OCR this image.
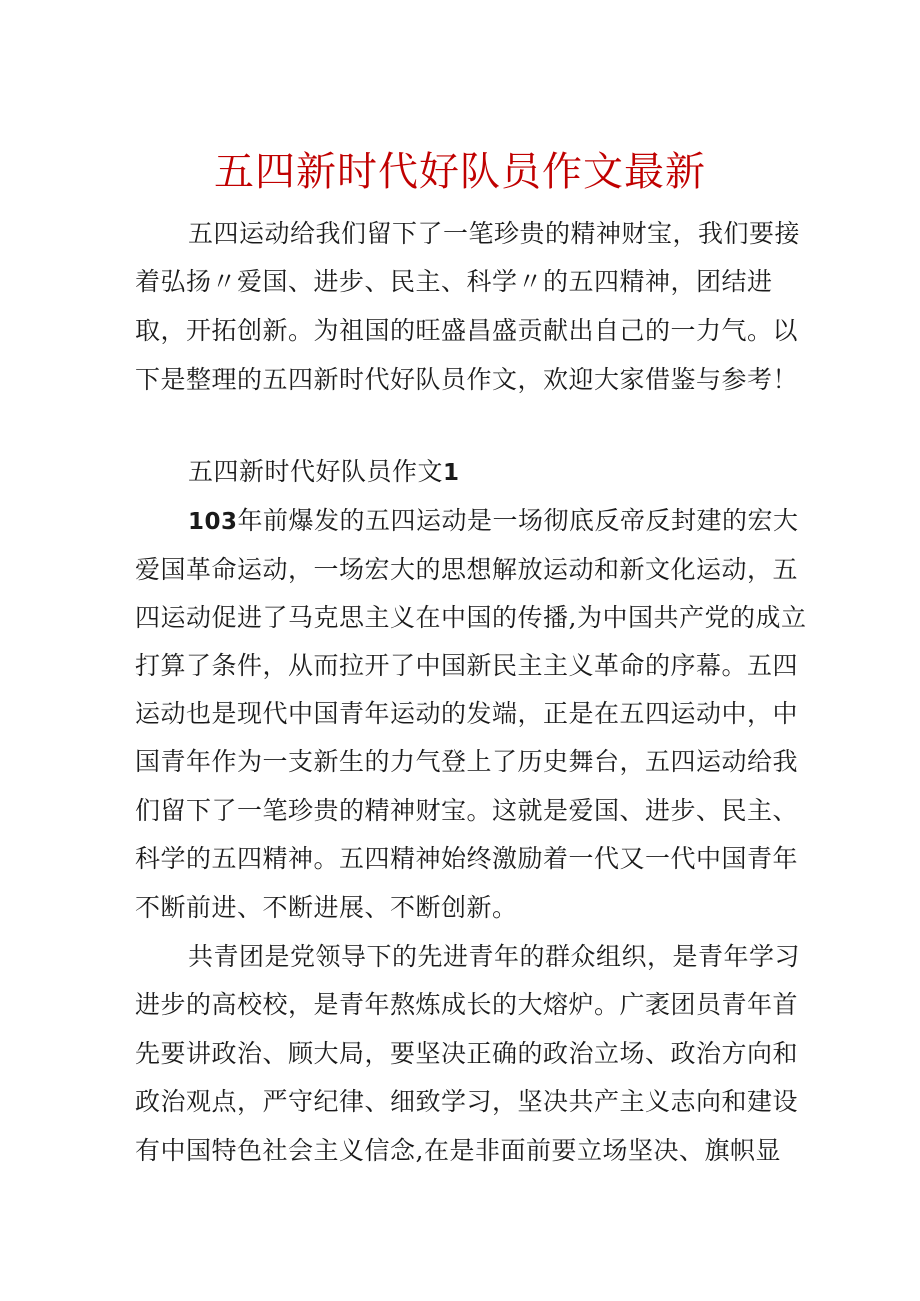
五四新时代好队员作文最新

五四运动给我们留下了一笔珍贵的精神财宝，我们要接

着弘扬〃爱国、进步、民主、科学〃的五四精神，团结进

取，开拓创新。为祖国的旺盛昌盛贡献出自己的一力气。以

下是整理的五四新时代好队员作文，欢迎大家借鉴与参考！

五四新时代好队员作文1

103年前爆发的五四运动是一场彻底反帝反封建的宏大

爱国革命运动，一场宏大的思想解放运动和新文化运动，五

四运动促进了马克思主义在中国的传播,为中国共产党的成立

打算了条件，从而拉开了中国新民主主义革命的序幕。五四

运动也是现代中国青年运动的发端，正是在五四运动中，中

国青年作为一支新生的力气登上了历史舞台，五四运动给我

们留下了一笔珍贵的精神财宝。这就是爱国、进步、民主、

科学的五四精神。五四精神始终激励着一代又一代中国青年

不断前进、不断进展、不断创新。

共青团是党领导下的先进青年的群众组织，是青年学习

进步的高校校，是青年熬炼成长的大熔炉。广袤团员青年首

先要讲政治、顾大局，要坚决正确的政治立场、政治方向和

政治观点，严守纪律、细致学习，坚决共产主义志向和建设

有中国特色社会主义信念,在是非面前要立场坚决、旗帜显
